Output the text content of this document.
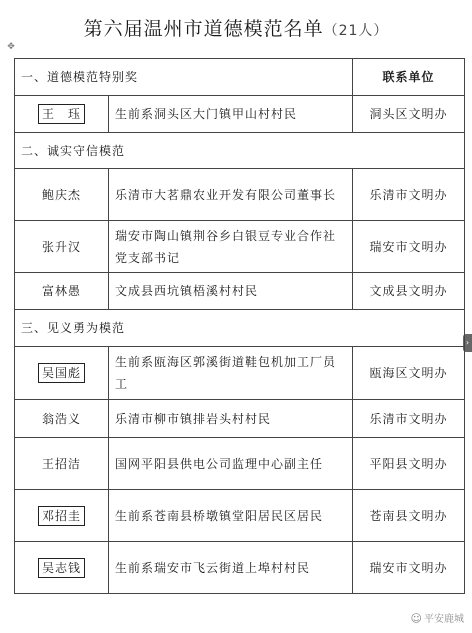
第六届温州市道德模范名单（21人）
✥
›
一、道德模范特别奖		联系单位
王　珏	生前系洞头区大门镇甲山村村民	洞头区文明办
二、诚实守信模范		
鲍庆杰	乐清市大茗鼎农业开发有限公司董事长	乐清市文明办
张升汉	瑞安市陶山镇荆谷乡白银豆专业合作社党支部书记	瑞安市文明办
富林愚	文成县西坑镇梧溪村村民	文成县文明办
三、见义勇为模范		
吴国彪	生前系瓯海区郭溪街道鞋包机加工厂员工	瓯海区文明办
翁浩义	乐清市柳市镇排岩头村村民	乐清市文明办
王招洁	国网平阳县供电公司监理中心副主任	平阳县文明办
邓招圭	生前系苍南县桥墩镇堂阳居民区居民	苍南县文明办
吴志钱	生前系瑞安市飞云街道上埠村村民	瑞安市文明办
☺ 平安鹿城
